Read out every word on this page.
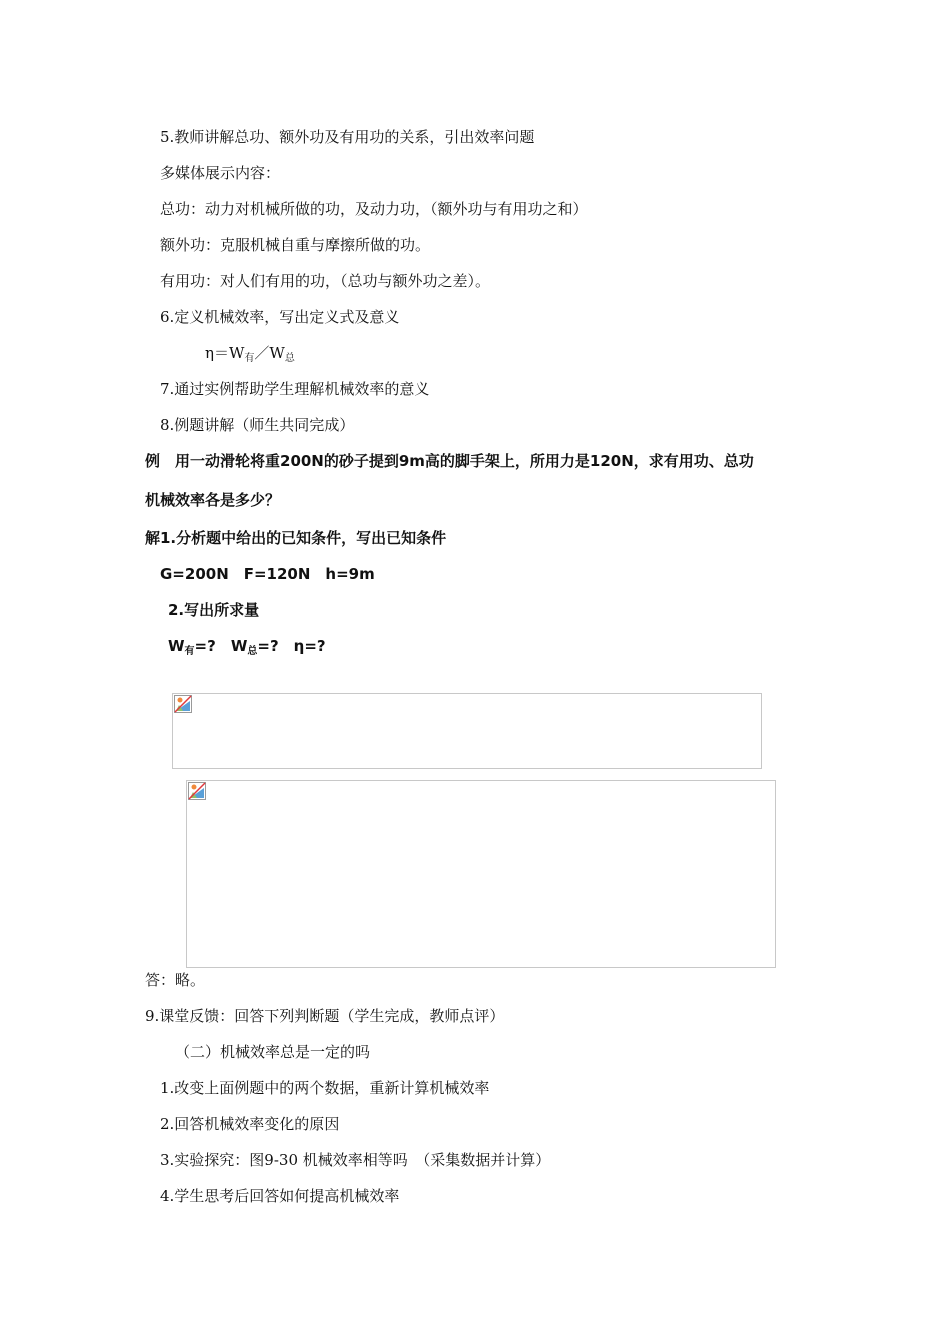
5.教师讲解总功、额外功及有用功的关系，引出效率问题
多媒体展示内容：
总功：动力对机械所做的功，及动力功，（额外功与有用功之和）
额外功：克服机械自重与摩擦所做的功。
有用功：对人们有用的功，（总功与额外功之差）。
6.定义机械效率，写出定义式及意义
$\eta=W_有/W_总$
7.通过实例帮助学生理解机械效率的意义
8.例题讲解（师生共同完成）
例　用一动滑轮将重200N的砂子提到9m高的脚手架上，所用力是120N，求有用功、总功
机械效率各是多少？
解1.分析题中给出的已知条件，写出已知条件
G=200N　F=120N　h=9m
2.写出所求量
$W_有=$?　$W_总=$?　η=?
答：略。
9.课堂反馈：回答下列判断题（学生完成，教师点评）
（二）机械效率总是一定的吗
1.改变上面例题中的两个数据，重新计算机械效率
2.回答机械效率变化的原因
3.实验探究：图9-30 机械效率相等吗　（采集数据并计算）
4.学生思考后回答如何提高机械效率
